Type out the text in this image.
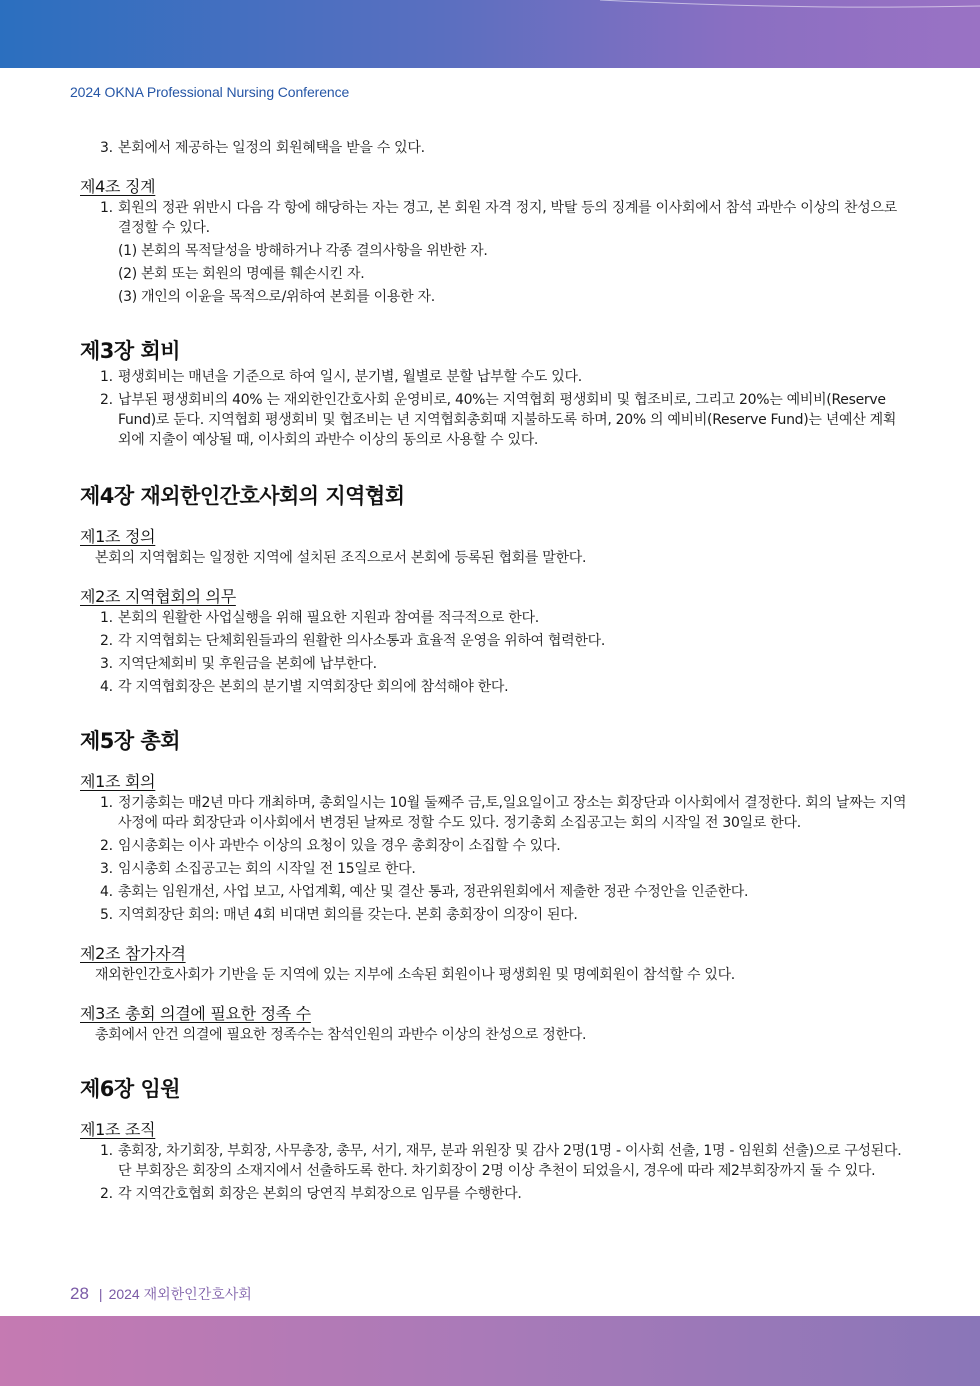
2024 OKNA Professional Nursing Conference
3. 본회에서 제공하는 일정의 회원혜택을 받을 수 있다.
제4조 징계
1. 회원의 정관 위반시 다음 각 항에 해당하는 자는 경고, 본 회원 자격 정지, 박탈 등의 징계를 이사회에서 참석 과반수 이상의 찬성으로 결정할 수 있다.
(1) 본회의 목적달성을 방해하거나 각종 결의사항을 위반한 자.
(2) 본회 또는 회원의 명예를 훼손시킨 자.
(3) 개인의 이윤을 목적으로/위하여 본회를 이용한 자.
제3장 회비
1. 평생회비는 매년을 기준으로 하여 일시, 분기별, 월별로 분할 납부할 수도 있다.
2. 납부된 평생회비의 40% 는 재외한인간호사회 운영비로, 40%는 지역협회 평생회비 및 협조비로, 그리고 20%는 예비비(Reserve Fund)로 둔다. 지역협회 평생회비 및 협조비는 년 지역협회총회때 지불하도록 하며, 20% 의 예비비(Reserve Fund)는 년예산 계획 외에 지출이 예상될 때, 이사회의 과반수 이상의 동의로 사용할 수 있다.
제4장 재외한인간호사회의 지역협회
제1조 정의
본회의 지역협회는 일정한 지역에 설치된 조직으로서 본회에 등록된 협회를 말한다.
제2조 지역협회의 의무
1. 본회의 원활한 사업실행을 위해 필요한 지원과 참여를 적극적으로 한다.
2. 각 지역협회는 단체회원들과의 원활한 의사소통과 효율적 운영을 위하여 협력한다.
3. 지역단체회비 및 후원금을 본회에 납부한다.
4. 각 지역협회장은 본회의 분기별 지역회장단 회의에 참석해야 한다.
제5장 총회
제1조 회의
1. 정기총회는 매2년 마다 개최하며, 총회일시는 10월 둘째주 금,토,일요일이고 장소는 회장단과 이사회에서 결정한다. 회의 날짜는 지역사정에 따라 회장단과 이사회에서 변경된 날짜로 정할 수도 있다. 정기총회 소집공고는 회의 시작일 전 30일로 한다.
2. 임시총회는 이사 과반수 이상의 요청이 있을 경우 총회장이 소집할 수 있다.
3. 임시총회 소집공고는 회의 시작일 전 15일로 한다.
4. 총회는 임원개선, 사업 보고, 사업계획, 예산 및 결산 통과, 정관위원회에서 제출한 정관 수정안을 인준한다.
5. 지역회장단 회의: 매년 4회 비대면 회의를 갖는다. 본회 총회장이 의장이 된다.
제2조 참가자격
재외한인간호사회가 기반을 둔 지역에 있는 지부에 소속된 회원이나 평생회원 및 명예회원이 참석할 수 있다.
제3조 총회 의결에 필요한 정족 수
총회에서 안건 의결에 필요한 정족수는 참석인원의 과반수 이상의 찬성으로 정한다.
제6장 임원
제1조 조직
1. 총회장, 차기회장, 부회장, 사무총장, 총무, 서기, 재무, 분과 위원장 및 감사 2명(1명 - 이사회 선출, 1명 - 임원회 선출)으로 구성된다. 단 부회장은 회장의 소재지에서 선출하도록 한다. 차기회장이 2명 이상 추천이 되었을시, 경우에 따라 제2부회장까지 둘 수 있다.
2. 각 지역간호협회 회장은 본회의 당연직 부회장으로 임무를 수행한다.
28 | 2024 재외한인간호사회
